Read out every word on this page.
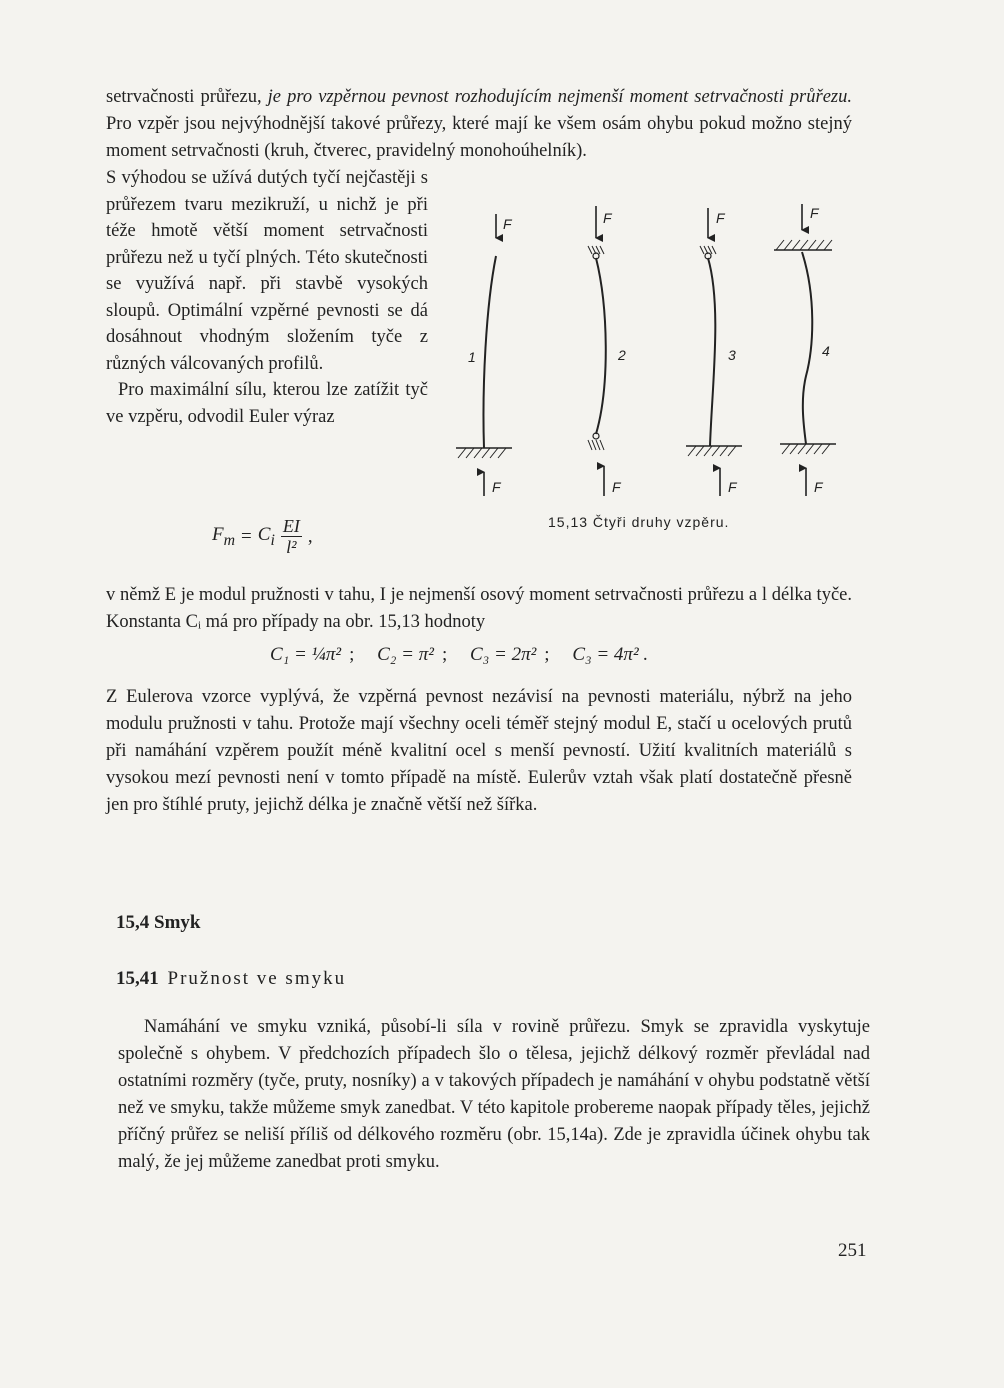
setrvačnosti průřezu, je pro vzpěrnou pevnost rozhodujícím nejmenší moment setrvačnosti průřezu. Pro vzpěr jsou nejvýhodnější takové průřezy, které mají ke všem osám ohybu pokud možno stejný moment setrvačnosti (kruh, čtverec, pravidelný monohoúhelník).

S výhodou se užívá dutých tyčí nejčastěji s průřezem tvaru mezikruží, u nichž je při téže hmotě větší moment setrvačnosti průřezu než u tyčí plných. Této skutečnosti se využívá např. při stavbě vysokých sloupů. Optimální vzpěrné pevnosti se dá dosáhnout vhodným složením tyče z různých válcovaných profilů.
Pro maximální sílu, kterou lze zatížit tyč ve vzpěru, odvodil Euler výraz
$F_m = C_i \frac{EI}{\text{l²}}$ ,
F
F
1
F
F
2
F
F
3
F
F
4
15,13 Čtyři druhy vzpěru.

v němž E je modul pružnosti v tahu, I je nejmenší osový moment setrvačnosti průřezu a l délka tyče. Konstanta Cᵢ má pro případy na obr. 15,13 hodnoty

C₁ = ¼π² ; C₂ = π² ; C₃ = 2π² ; C₃ = 4π² .

Z Eulerova vzorce vyplývá, že vzpěrná pevnost nezávisí na pevnosti materiálu, nýbrž na jeho modulu pružnosti v tahu. Protože mají všechny oceli téměř stejný modul E, stačí u ocelových prutů při namáhání vzpěrem použít méně kvalitní ocel s menší pevností. Užití kvalitních materiálů s vysokou mezí pevnosti není v tomto případě na místě. Eulerův vztah však platí dostatečně přesně jen pro štíhlé pruty, jejichž délka je značně větší než šířka.

15,4 Smyk
15,41 Pružnost ve smyku

Namáhání ve smyku vzniká, působí-li síla v rovině průřezu. Smyk se zpravidla vyskytuje společně s ohybem. V předchozích případech šlo o tělesa, jejichž délkový rozměr převládal nad ostatními rozměry (tyče, pruty, nosníky) a v takových případech je namáhání v ohybu podstatně větší než ve smyku, takže můžeme smyk zanedbat. V této kapitole probereme naopak případy těles, jejichž příčný průřez se neliší příliš od délkového rozměru (obr. 15,14a). Zde je zpravidla účinek ohybu tak malý, že jej můžeme zanedbat proti smyku.

251
